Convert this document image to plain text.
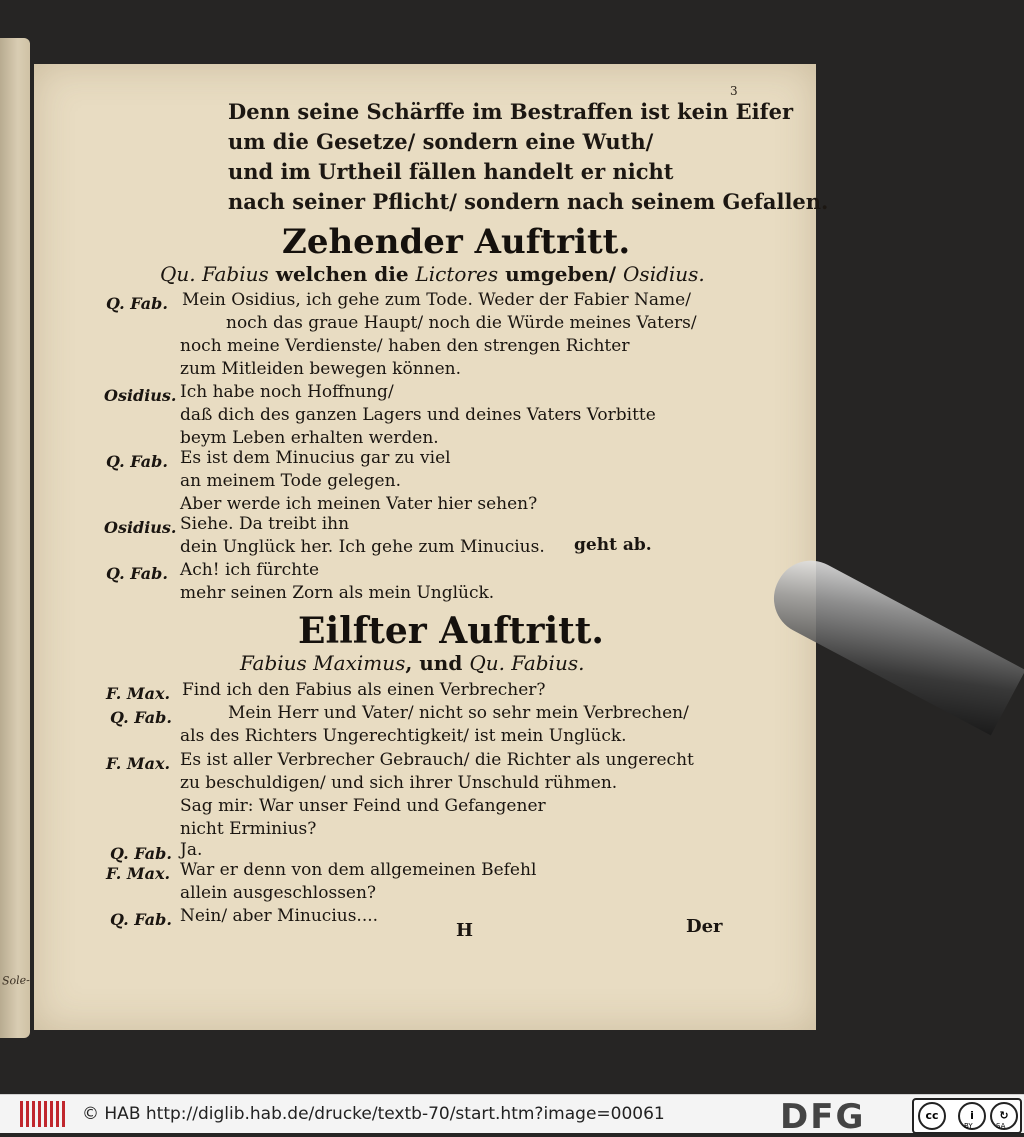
Sole-
3
Denn seine Schärffe im Bestraffen ist kein Eifer
um die Gesetze/ sondern eine Wuth/
und im Urtheil fällen handelt er nicht
nach seiner Pflicht/ sondern nach seinem Gefallen.
Zehender Auftritt.
Qu. Fabius welchen die Lictores umgeben/ Osidius.
Q. Fab. Mein Osidius, ich gehe zum Tode. Weder der Fabier Name/
noch das graue Haupt/ noch die Würde meines Vaters/
noch meine Verdienste/ haben den strengen Richter
zum Mitleiden bewegen können.
Osidius. Ich habe noch Hoffnung/
daß dich des ganzen Lagers und deines Vaters Vorbitte
beym Leben erhalten werden.
Q. Fab. Es ist dem Minucius gar zu viel
an meinem Tode gelegen.
Aber werde ich meinen Vater hier sehen?
Osidius. Siehe. Da treibt ihn
dein Unglück her. Ich gehe zum Minucius. geht ab.
Q. Fab. Ach! ich fürchte
mehr seinen Zorn als mein Unglück.
Eilfter Auftritt.
Fabius Maximus, und Qu. Fabius.
F. Max. Find ich den Fabius als einen Verbrecher?
Q. Fab.	Mein Herr und Vater/ nicht so sehr mein Verbrechen/
als des Richters Ungerechtigkeit/ ist mein Unglück.
F. Max. Es ist aller Verbrecher Gebrauch/ die Richter als ungerecht
zu beschuldigen/ und sich ihrer Unschuld rühmen.
Sag mir: War unser Feind und Gefangener
nicht Erminius?
Q. Fab. Ja.
F. Max. War er denn von dem allgemeinen Befehl
allein ausgeschlossen?
Q. Fab. Nein/ aber Minucius....
H	Der
© HAB http://diglib.hab.de/drucke/textb-70/start.htm?image=00061	DFG	cc	i	↻
BY	SA
